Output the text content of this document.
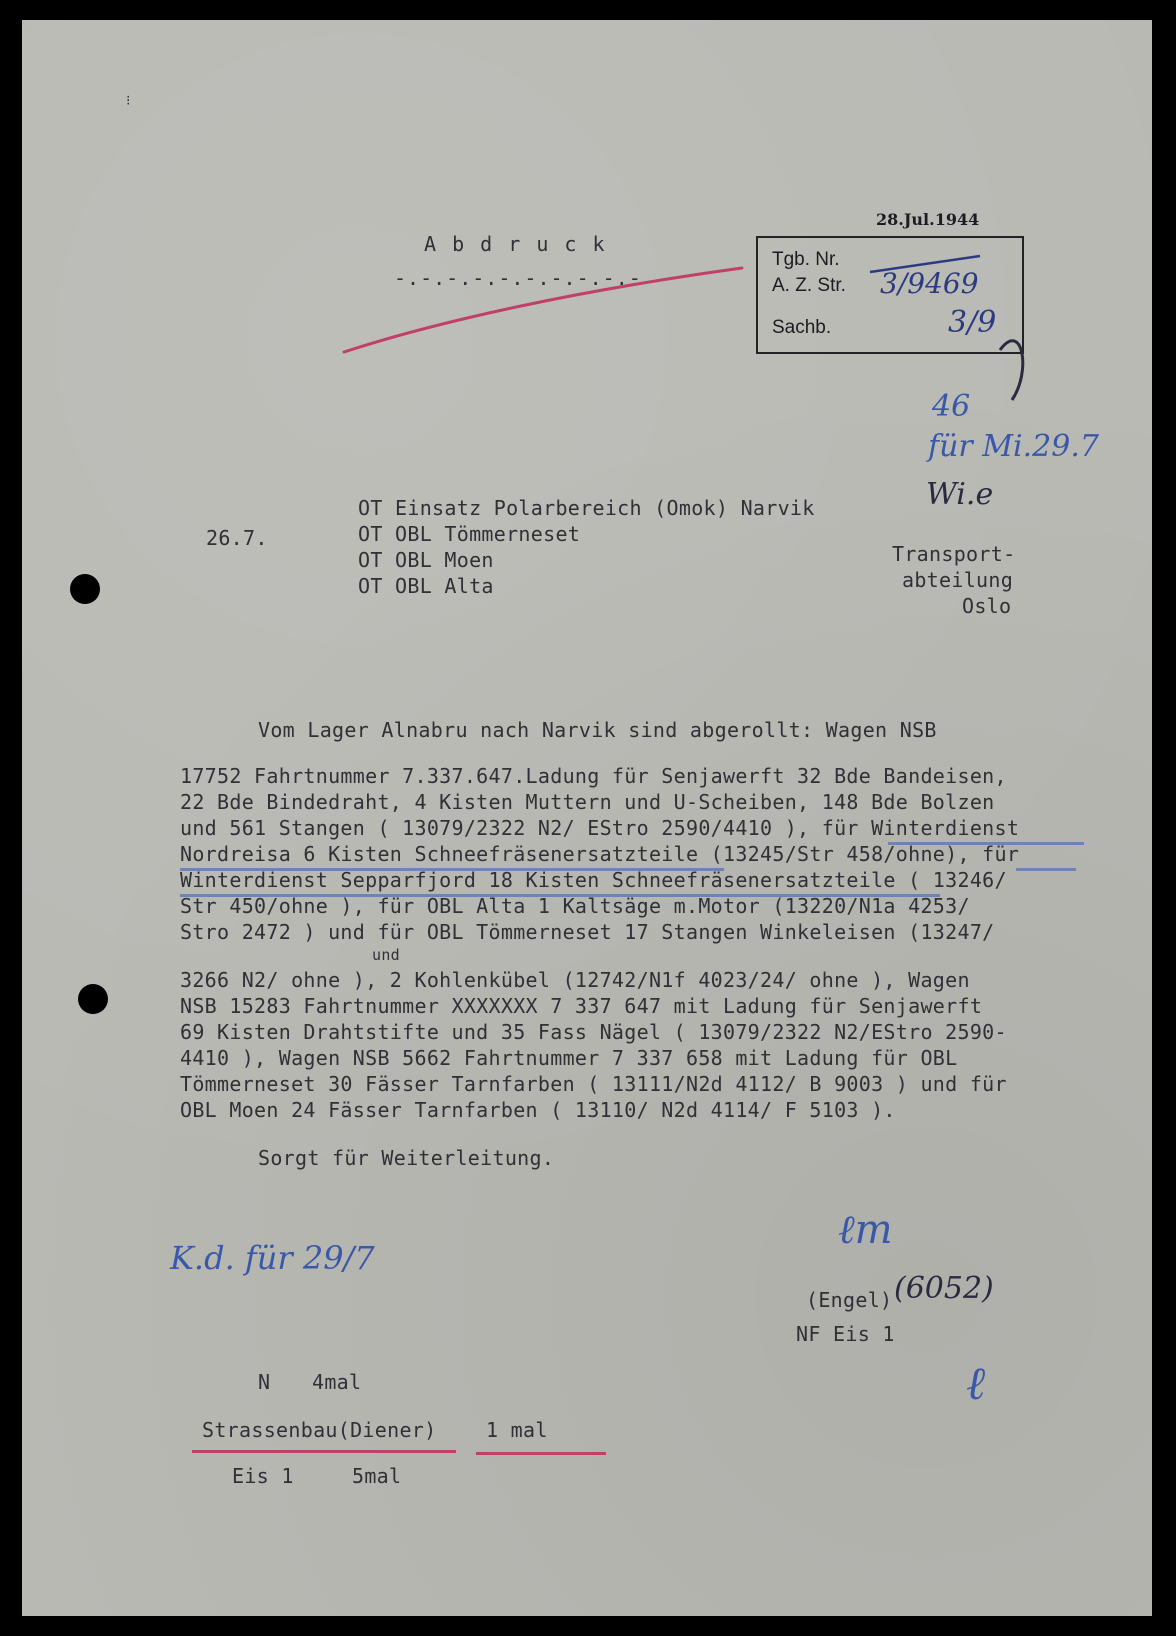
⁝
A b d r u c k
-.-.-.-.-.-.-.-.-.-
28.Jul.1944
Tgb. Nr.
A. Z. Str. 3/9469
Sachb.	3/9
46
für Mi.29.7
Wi.e
26.7.
OT Einsatz Polarbereich (Omok) Narvik
OT OBL Tömmerneset
OT OBL Moen
OT OBL Alta
Transport-
abteilung
Oslo
Vom Lager Alnabru nach Narvik sind abgerollt: Wagen NSB
17752 Fahrtnummer 7.337.647.Ladung für Senjawerft 32 Bde Bandeisen,
22 Bde Bindedraht, 4 Kisten Muttern und U-Scheiben, 148 Bde Bolzen
und 561 Stangen ( 13079/2322 N2/ EStro 2590/4410 ), für Winterdienst
Nordreisa 6 Kisten Schneefräsenersatzteile (13245/Str 458/ohne), für
Winterdienst Sepparfjord 18 Kisten Schneefräsenersatzteile ( 13246/
Str 450/ohne ), für OBL Alta 1 Kaltsäge m.Motor (13220/N1a 4253/
Stro 2472 ) und für OBL Tömmerneset 17 Stangen Winkeleisen (13247/
und
3266 N2/ ohne ), 2 Kohlenkübel (12742/N1f 4023/24/ ohne ), Wagen
NSB 15283 Fahrtnummer XXXXXXX 7 337 647 mit Ladung für Senjawerft
69 Kisten Drahtstifte und 35 Fass Nägel ( 13079/2322 N2/EStro 2590-
4410 ), Wagen NSB 5662 Fahrtnummer 7 337 658 mit Ladung für OBL
Tömmerneset 30 Fässer Tarnfarben ( 13111/N2d 4112/ B 9003 ) und für
OBL Moen 24 Fässer Tarnfarben ( 13110/ N2d 4114/ F 5103 ).
Sorgt für Weiterleitung.
ℓm
(Engel) (6052)
NF Eis 1
ℓ
K.d. für 29/7
N 4mal
Strassenbau(Diener) 1 mal
Eis 1	5mal
